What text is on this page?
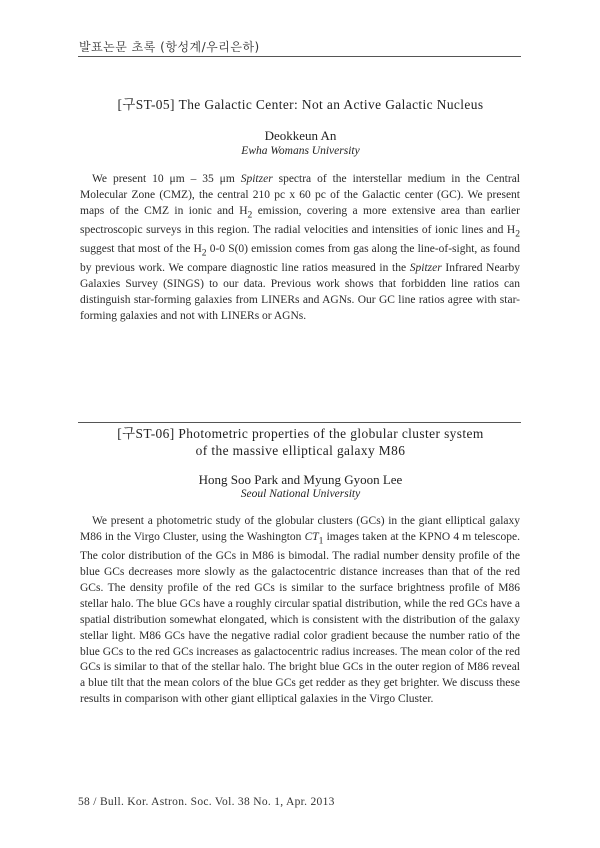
발표논문 초록 (항성계/우리은하)
[구ST-05] The Galactic Center: Not an Active Galactic Nucleus
Deokkeun An
Ewha Womans University

We present 10 μm – 35 μm Spitzer spectra of the interstellar medium in the Central Molecular Zone (CMZ), the central 210 pc x 60 pc of the Galactic center (GC). We present maps of the CMZ in ionic and $H_2$ emission, covering a more extensive area than earlier spectroscopic surveys in this region. The radial velocities and intensities of ionic lines and $H_2$ suggest that most of the $H_2$ 0-0 S(0) emission comes from gas along the line-of-sight, as found by previous work. We compare diagnostic line ratios measured in the Spitzer Infrared Nearby Galaxies Survey (SINGS) to our data. Previous work shows that forbidden line ratios can distinguish star-forming galaxies from LINERs and AGNs. Our GC line ratios agree with star-forming galaxies and not with LINERs or AGNs.

[구ST-06] Photometric properties of the globular cluster system
of the massive elliptical galaxy M86
Hong Soo Park and Myung Gyoon Lee
Seoul National University

We present a photometric study of the globular clusters (GCs) in the giant elliptical galaxy M86 in the Virgo Cluster, using the Washington $CT_1$ images taken at the KPNO 4 m telescope. The color distribution of the GCs in M86 is bimodal. The radial number density profile of the blue GCs decreases more slowly as the galactocentric distance increases than that of the red GCs. The density profile of the red GCs is similar to the surface brightness profile of M86 stellar halo. The blue GCs have a roughly circular spatial distribution, while the red GCs have a spatial distribution somewhat elongated, which is consistent with the distribution of the galaxy stellar light. M86 GCs have the negative radial color gradient because the number ratio of the blue GCs to the red GCs increases as galactocentric radius increases. The mean color of the red GCs is similar to that of the stellar halo. The bright blue GCs in the outer region of M86 reveal a blue tilt that the mean colors of the blue GCs get redder as they get brighter. We discuss these results in comparison with other giant elliptical galaxies in the Virgo Cluster.

58 / Bull. Kor. Astron. Soc. Vol. 38 No. 1, Apr. 2013
